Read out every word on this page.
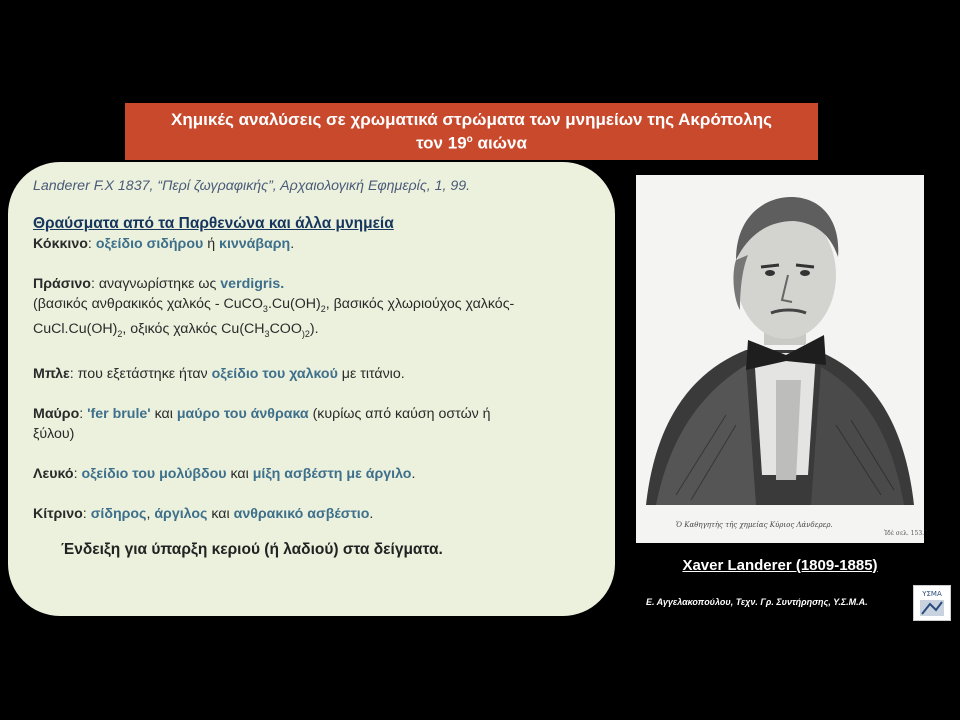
Χημικές αναλύσεις σε χρωματικά στρώματα των μνημείων της Ακρόπολης
τον $19^o$ αιώνα
Landerer F.X 1837, “Περί ζωγραφικής”, Αρχαιολογική Εφημερίς, 1, 99.
Θραύσματα από τα Παρθενώνα και άλλα μνημεία
Κόκκινο: οξείδιο σιδήρου ή κιννάβαρη.
Πράσινο: αναγνωρίστηκε ως verdigris.
(βασικός ανθρακικός χαλκός - $CuCO_3.Cu(OH)_2$, βασικός χλωριούχος χαλκός-
$CuCl.Cu(OH)_2$, οξικός χαλκός $Cu(CH_3COO_{)2})$.
Μπλε: που εξετάστηκε ήταν οξείδιο του χαλκού με τιτάνιο.
Μαύρο: 'fer brule' και μαύρο του άνθρακα (κυρίως από καύση οστών ή
ξύλου)
Λευκό: οξείδιο του μολύβδου και μίξη ασβέστη με άργιλο.
Κίτρινο: σίδηρος, άργιλος και ανθρακικό ασβέστιο.
Ένδειξη για ύπαρξη κεριού (ή λαδιού) στα δείγματα.
Ὁ Καθηγητὴς τῆς χημείας Κύριος Λάνδερερ.
Ἰδὲ σελ. 153.
Xaver Landerer (1809-1885)
Ε. Αγγελακοπούλου, Τεχν. Γρ. Συντήρησης, Υ.Σ.Μ.Α.
ΥΣΜΑ
